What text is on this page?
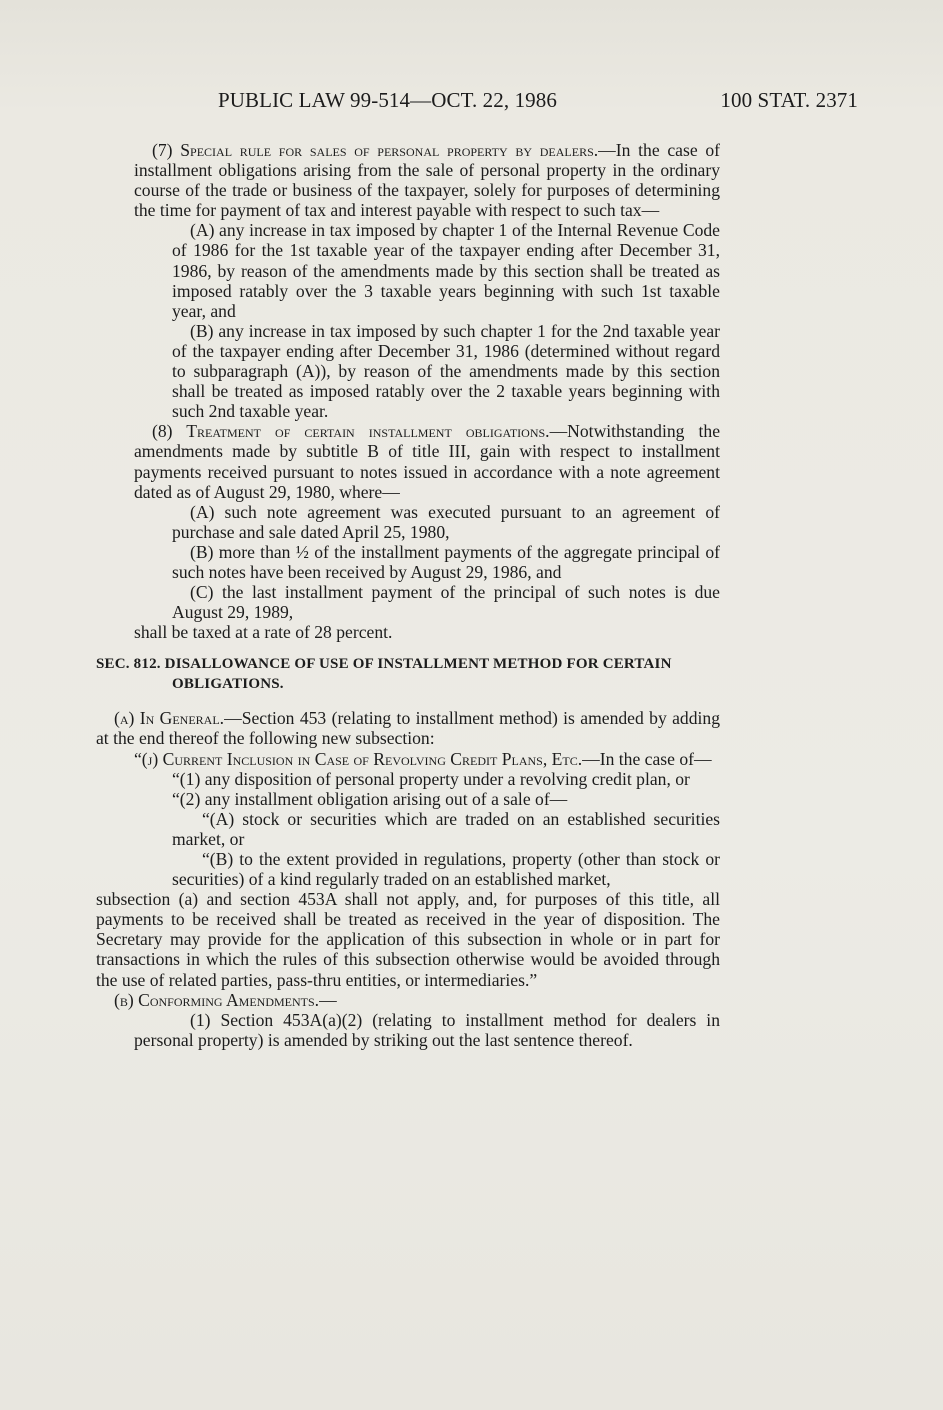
PUBLIC LAW 99-514—OCT. 22, 1986	100 STAT. 2371

(7) Special rule for sales of personal property by dealers.—In the case of installment obligations arising from the sale of personal property in the ordinary course of the trade or business of the taxpayer, solely for purposes of determining the time for payment of tax and interest payable with respect to such tax—

(A) any increase in tax imposed by chapter 1 of the Internal Revenue Code of 1986 for the 1st taxable year of the taxpayer ending after December 31, 1986, by reason of the amendments made by this section shall be treated as imposed ratably over the 3 taxable years beginning with such 1st taxable year, and

(B) any increase in tax imposed by such chapter 1 for the 2nd taxable year of the taxpayer ending after December 31, 1986 (determined without regard to subparagraph (A)), by reason of the amendments made by this section shall be treated as imposed ratably over the 2 taxable years beginning with such 2nd taxable year.

(8) Treatment of certain installment obligations.—Notwithstanding the amendments made by subtitle B of title III, gain with respect to installment payments received pursuant to notes issued in accordance with a note agreement dated as of August 29, 1980, where—

(A) such note agreement was executed pursuant to an agreement of purchase and sale dated April 25, 1980,

(B) more than ½ of the installment payments of the aggregate principal of such notes have been received by August 29, 1986, and

(C) the last installment payment of the principal of such notes is due August 29, 1989,

shall be taxed at a rate of 28 percent.

SEC. 812. DISALLOWANCE OF USE OF INSTALLMENT METHOD FOR CERTAIN OBLIGATIONS.

(a) In General.—Section 453 (relating to installment method) is amended by adding at the end thereof the following new subsection:

“(j) Current Inclusion in Case of Revolving Credit Plans, Etc.—In the case of—

“(1) any disposition of personal property under a revolving credit plan, or

“(2) any installment obligation arising out of a sale of—

“(A) stock or securities which are traded on an established securities market, or

“(B) to the extent provided in regulations, property (other than stock or securities) of a kind regularly traded on an established market,

subsection (a) and section 453A shall not apply, and, for purposes of this title, all payments to be received shall be treated as received in the year of disposition. The Secretary may provide for the application of this subsection in whole or in part for transactions in which the rules of this subsection otherwise would be avoided through the use of related parties, pass-thru entities, or intermediaries.”

(b) Conforming Amendments.—

(1) Section 453A(a)(2) (relating to installment method for dealers in personal property) is amended by striking out the last sentence thereof.
